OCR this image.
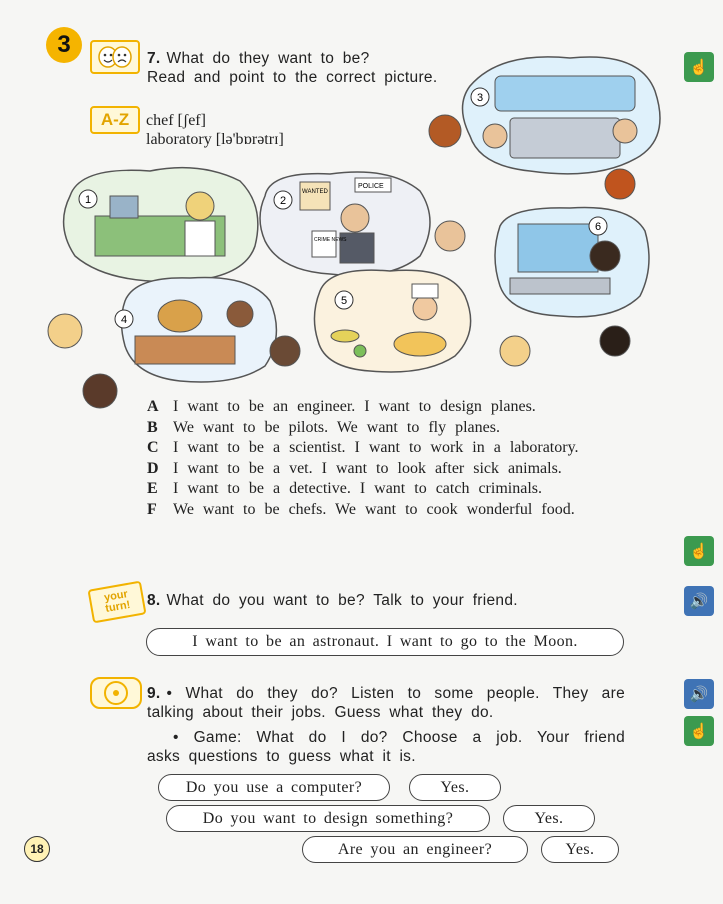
3
7. What do they want to be?
Read and point to the correct picture.
A-Z	chef [ʃef]
laboratory [lə'bɒrətrɪ]
WANTED
POLICE
CRIME NEWS
1	2
3
4
5
6
A I want to be an engineer. I want to design planes.
B We want to be pilots. We want to fly planes.
C I want to be a scientist. I want to work in a laboratory.
D I want to be a vet. I want to look after sick animals.
E I want to be a detective. I want to catch criminals.
F	We want to be chefs. We want to cook wonderful food.
your turn!	8. What do you want to be? Talk to your friend.
I want to be an astronaut. I want to go to the Moon.
9. • What do they do? Listen to some people. They are
talking about their jobs. Guess what they do.
• Game: What do I do? Choose a job. Your friend
asks questions to guess what it is.
Do you use a computer?	Yes.
Do you want to design something?	Yes.
Are you an engineer?	Yes.
☝
☝
🔊
🔊
☝
18
